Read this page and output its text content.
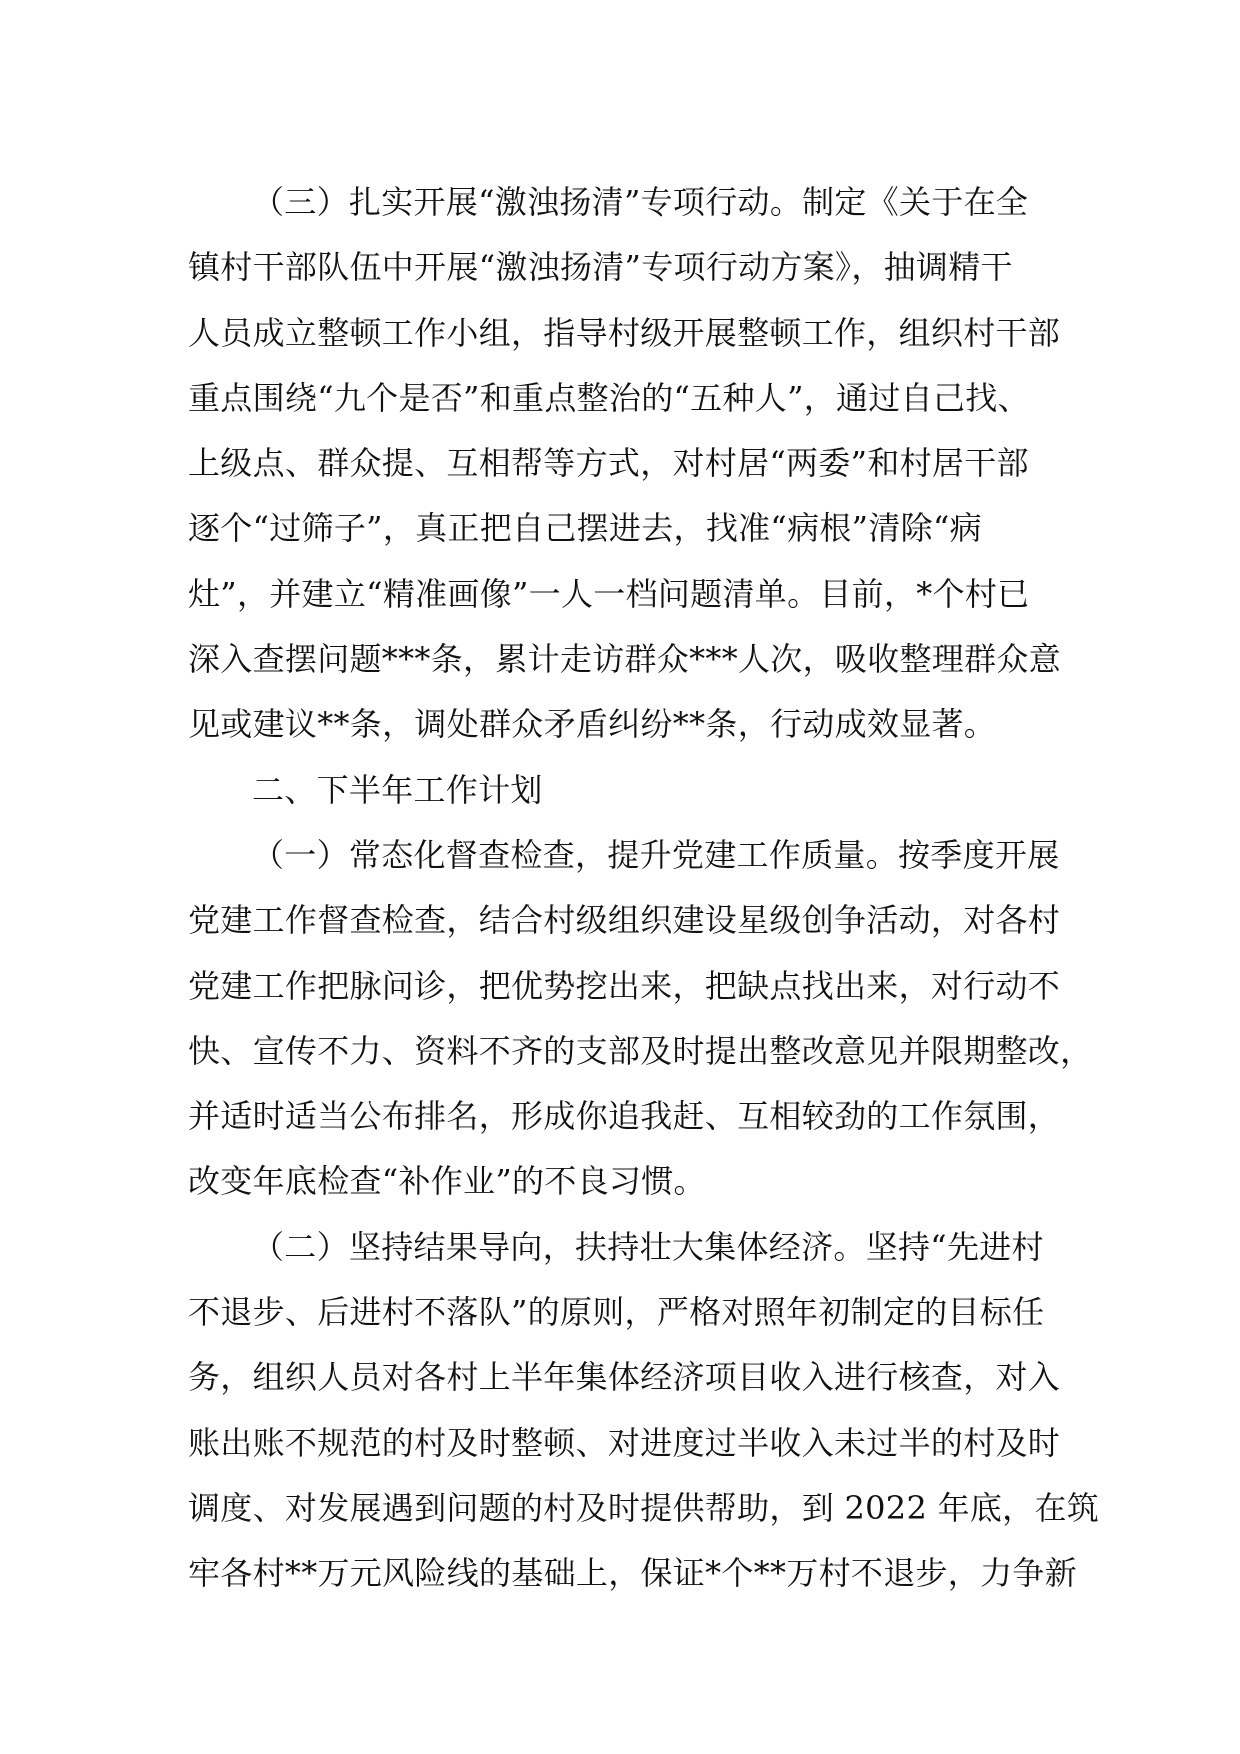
（三）扎实开展“激浊扬清”专项行动。制定《关于在全
镇村干部队伍中开展“激浊扬清”专项行动方案》，抽调精干
人员成立整顿工作小组，指导村级开展整顿工作，组织村干部
重点围绕“九个是否”和重点整治的“五种人”，通过自己找、
上级点、群众提、互相帮等方式，对村居“两委”和村居干部
逐个“过筛子”，真正把自己摆进去，找准“病根”清除“病
灶”，并建立“精准画像”一人一档问题清单。目前，*个村已
深入查摆问题***条，累计走访群众***人次，吸收整理群众意
见或建议**条，调处群众矛盾纠纷**条，行动成效显著。
二、下半年工作计划
（一）常态化督查检查，提升党建工作质量。按季度开展
党建工作督查检查，结合村级组织建设星级创争活动，对各村
党建工作把脉问诊，把优势挖出来，把缺点找出来，对行动不
快、宣传不力、资料不齐的支部及时提出整改意见并限期整改，
并适时适当公布排名，形成你追我赶、互相较劲的工作氛围，
改变年底检查“补作业”的不良习惯。
（二）坚持结果导向，扶持壮大集体经济。坚持“先进村
不退步、后进村不落队”的原则，严格对照年初制定的目标任
务，组织人员对各村上半年集体经济项目收入进行核查，对入
账出账不规范的村及时整顿、对进度过半收入未过半的村及时
调度、对发展遇到问题的村及时提供帮助，到 2022 年底，在筑
牢各村**万元风险线的基础上，保证*个**万村不退步，力争新
